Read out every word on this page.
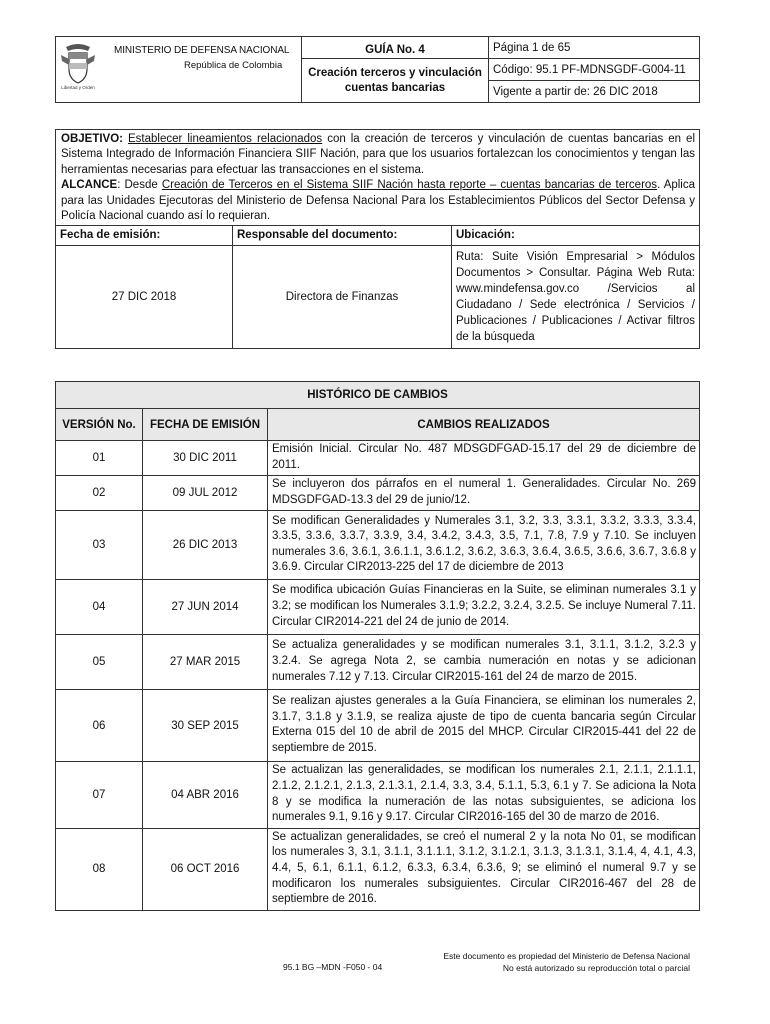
Libertad y Orden
MINISTERIO DE DEFENSA NACIONAL
República de Colombia	GUÍA No. 4	Página 1 de 65
	Creación terceros y vinculación cuentas bancarias	Código: 95.1 PF-MDNSGDF-G004-11
		Vigente a partir de: 26 DIC 2018
OBJETIVO: Establecer lineamientos relacionados con la creación de terceros y vinculación de cuentas bancarias en el Sistema Integrado de Información Financiera SIIF Nación, para que los usuarios fortalezcan los conocimientos y tengan las herramientas necesarias para efectuar las transacciones en el sistema.
ALCANCE: Desde Creación de Terceros en el Sistema SIIF Nación hasta reporte – cuentas bancarias de terceros. Aplica para las Unidades Ejecutoras del Ministerio de Defensa Nacional Para los Establecimientos Públicos del Sector Defensa y Policía Nacional cuando así lo requieran.		
Fecha de emisión:	Responsable del documento:	Ubicación:
27 DIC 2018	Directora de Finanzas	Ruta: Suite Visión Empresarial > Módulos Documentos > Consultar. Página Web Ruta: www.mindefensa.gov.co /Servicios al Ciudadano / Sede electrónica / Servicios / Publicaciones / Publicaciones / Activar filtros de la búsqueda
HISTÓRICO DE CAMBIOS		
VERSIÓN No.	FECHA DE EMISIÓN	CAMBIOS REALIZADOS
01	30 DIC 2011	Emisión Inicial. Circular No. 487 MDSGDFGAD-15.17 del 29 de diciembre de 2011.
02	09 JUL 2012	Se incluyeron dos párrafos en el numeral 1. Generalidades. Circular No. 269 MDSGDFGAD-13.3 del 29 de junio/12.
03	26 DIC 2013	Se modifican Generalidades y Numerales 3.1, 3.2, 3.3, 3.3.1, 3.3.2, 3.3.3, 3.3.4, 3.3.5, 3.3.6, 3.3.7, 3.3.9, 3.4, 3.4.2, 3.4.3, 3.5, 7.1, 7.8, 7.9 y 7.10. Se incluyen numerales 3.6, 3.6.1, 3.6.1.1, 3.6.1.2, 3.6.2, 3.6.3, 3.6.4, 3.6.5, 3.6.6, 3.6.7, 3.6.8 y 3.6.9. Circular CIR2013-225 del 17 de diciembre de 2013
04	27 JUN 2014	Se modifica ubicación Guías Financieras en la Suite, se eliminan numerales 3.1 y 3.2; se modifican los Numerales 3.1.9; 3.2.2, 3.2.4, 3.2.5. Se incluye Numeral 7.11. Circular CIR2014-221 del 24 de junio de 2014.
05	27 MAR 2015	Se actualiza generalidades y se modifican numerales 3.1, 3.1.1, 3.1.2, 3.2.3 y 3.2.4. Se agrega Nota 2, se cambia numeración en notas y se adicionan numerales 7.12 y 7.13. Circular CIR2015-161 del 24 de marzo de 2015.
06	30 SEP 2015	Se realizan ajustes generales a la Guía Financiera, se eliminan los numerales 2, 3.1.7, 3.1.8 y 3.1.9, se realiza ajuste de tipo de cuenta bancaria según Circular Externa 015 del 10 de abril de 2015 del MHCP. Circular CIR2015-441 del 22 de septiembre de 2015.
07	04 ABR 2016	Se actualizan las generalidades, se modifican los numerales 2.1, 2.1.1, 2.1.1.1, 2.1.2, 2.1.2.1, 2.1.3, 2.1.3.1, 2.1.4, 3.3, 3.4, 5.1.1, 5.3, 6.1 y 7. Se adiciona la Nota 8 y se modifica la numeración de las notas subsiguientes, se adiciona los numerales 9.1, 9.16 y 9.17. Circular CIR2016-165 del 30 de marzo de 2016.
08	06 OCT 2016	Se actualizan generalidades, se creó el numeral 2 y la nota No 01, se modifican los numerales 3, 3.1, 3.1.1, 3.1.1.1, 3.1.2, 3.1.2.1, 3.1.3, 3.1.3.1, 3.1.4, 4, 4.1, 4.3, 4.4, 5, 6.1, 6.1.1, 6.1.2, 6.3.3, 6.3.4, 6.3.6, 9; se eliminó el numeral 9.7 y se modificaron los numerales subsiguientes. Circular CIR2016-467 del 28 de septiembre de 2016.
Este documento es propiedad del Ministerio de Defensa Nacional
No está autorizado su reproducción total o parcial
95.1 BG –MDN -F050 - 04
